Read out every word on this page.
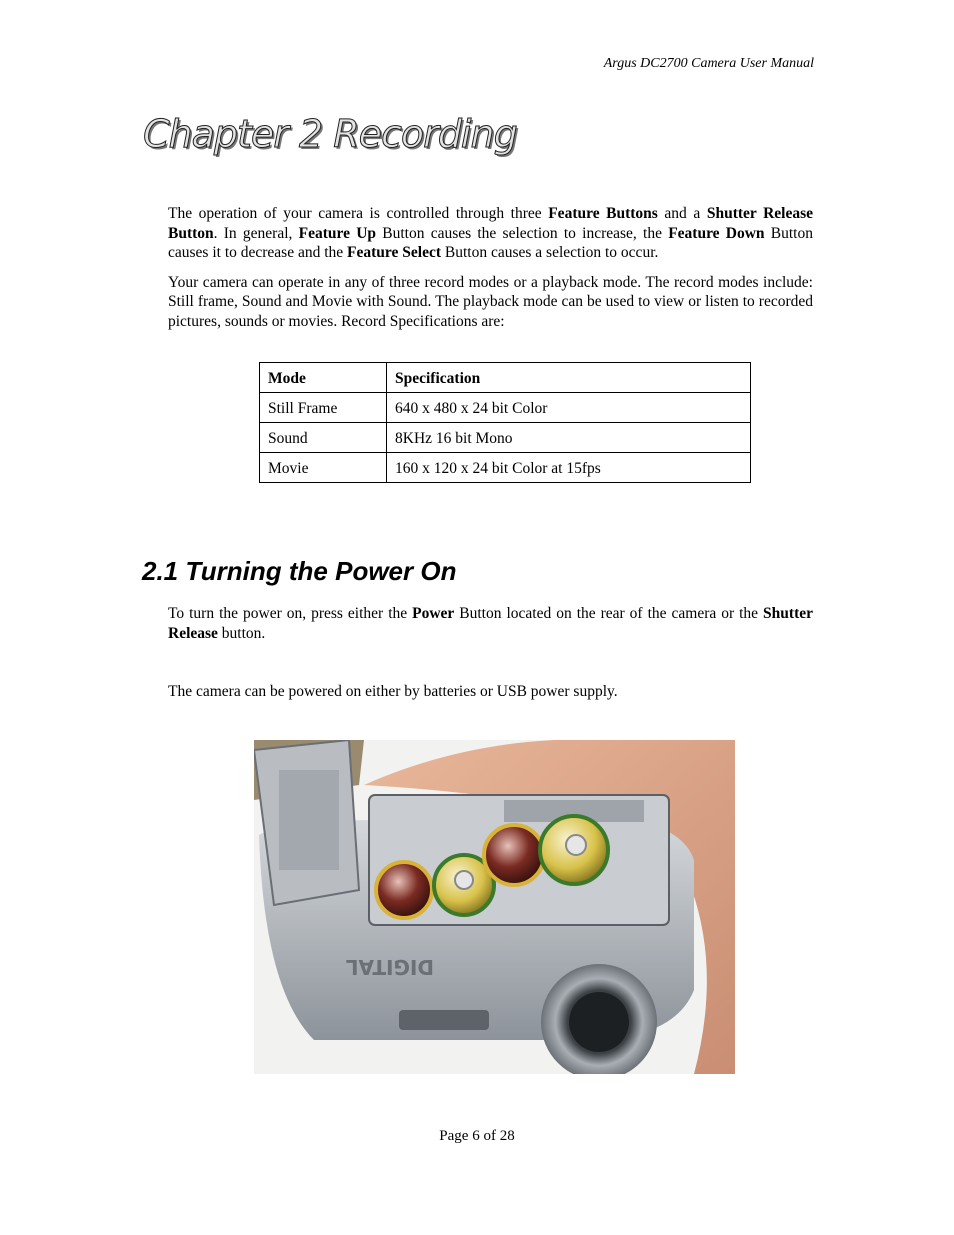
Argus DC2700 Camera User Manual
Chapter 2 Recording

The operation of your camera is controlled through three Feature Buttons and a Shutter Release Button. In general, Feature Up Button causes the selection to increase, the Feature Down Button causes it to decrease and the Feature Select Button causes a selection to occur.

Your camera can operate in any of three record modes or a playback mode. The record modes include: Still frame, Sound and Movie with Sound. The playback mode can be used to view or listen to recorded pictures, sounds or movies. Record Specifications are:

Mode	Specification
Still Frame	640 x 480 x 24 bit Color
Sound	8KHz 16 bit Mono
Movie	160 x 120 x 24 bit Color at 15fps
2.1 Turning the Power On

To turn the power on, press either the Power Button located on the rear of the camera or the Shutter Release button.

The camera can be powered on either by batteries or USB power supply.

DIGITAL
Page 6 of 28
